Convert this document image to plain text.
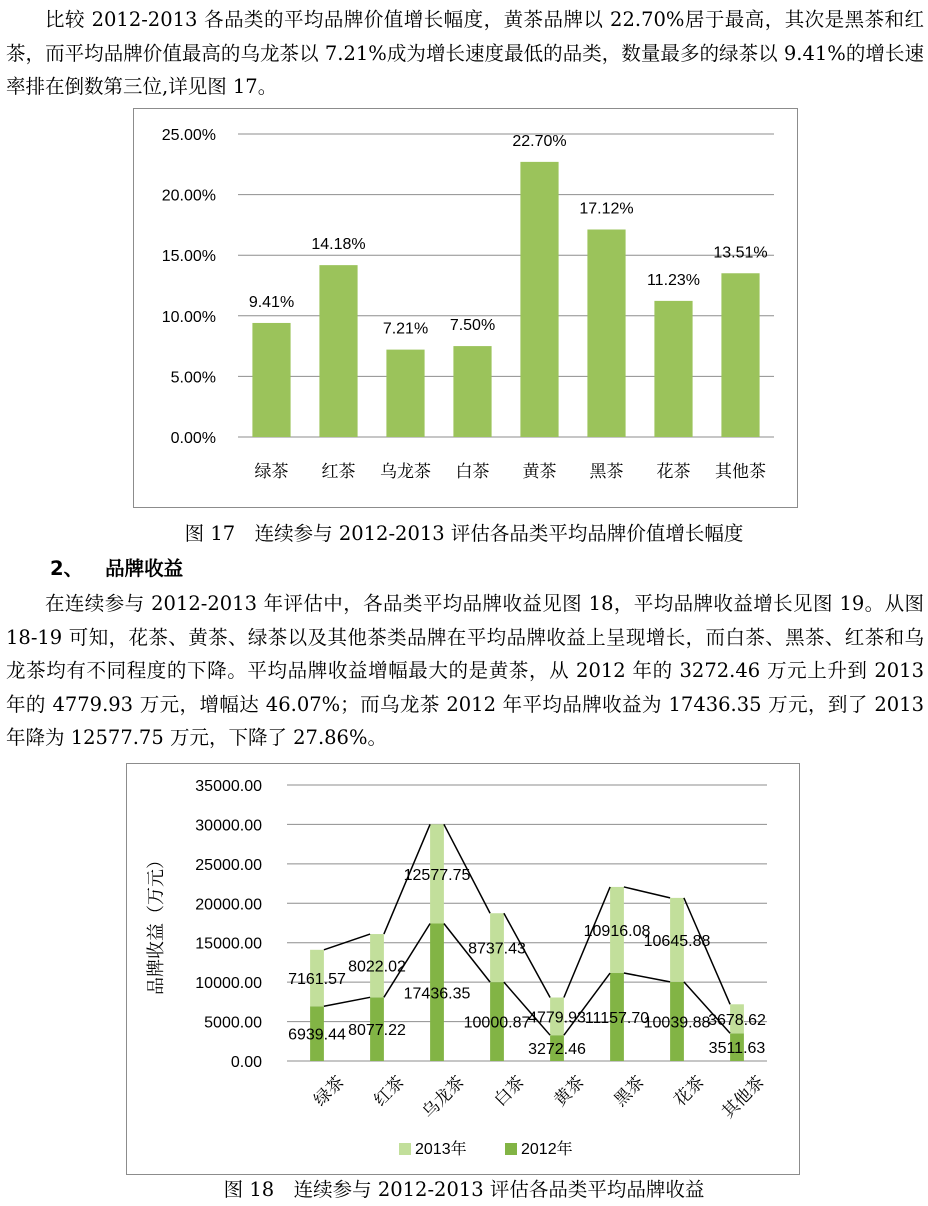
比较 2012-2013 各品类的平均品牌价值增长幅度，黄茶品牌以 22.70%居于最高，其次是黑茶和红茶，而平均品牌价值最高的乌龙茶以 7.21%成为增长速度最低的品类，数量最多的绿茶以 9.41%的增长速率排在倒数第三位,详见图 17。

0.00%
5.00%
10.00%
15.00%
20.00%
25.00%
9.41%
绿茶
14.18%
红茶
7.21%
乌龙茶
7.50%
白茶
22.70%
黄茶
17.12%
黑茶
11.23%
花茶
13.51%
其他茶
图 17　连续参与 2012-2013 评估各品类平均品牌价值增长幅度
2、 品牌收益

在连续参与 2012-2013 年评估中，各品类平均品牌收益见图 18，平均品牌收益增长见图 19。从图 18-19 可知，花茶、黄茶、绿茶以及其他茶类品牌在平均品牌收益上呈现增长，而白茶、黑茶、红茶和乌龙茶均有不同程度的下降。平均品牌收益增幅最大的是黄茶，从 2012 年的 3272.46 万元上升到 2013 年的 4779.93 万元，增幅达 46.07%；而乌龙茶 2012 年平均品牌收益为 17436.35 万元，到了 2013 年降为 12577.75 万元，下降了 27.86%。

0.00
5000.00
10000.00
15000.00
20000.00
25000.00
30000.00
35000.00
品牌收益（万元）
绿茶 红茶 乌龙茶 白茶 黄茶 黑茶 花茶 其他茶
7161.57
6939.44
8022.02
8077.22
12577.75
17436.35
8737.43
10000.87
4779.93
3272.46
10916.08
11157.70
10645.88
10039.88
3678.62
3511.63
2013年	2012年
图 18　连续参与 2012-2013 评估各品类平均品牌收益
